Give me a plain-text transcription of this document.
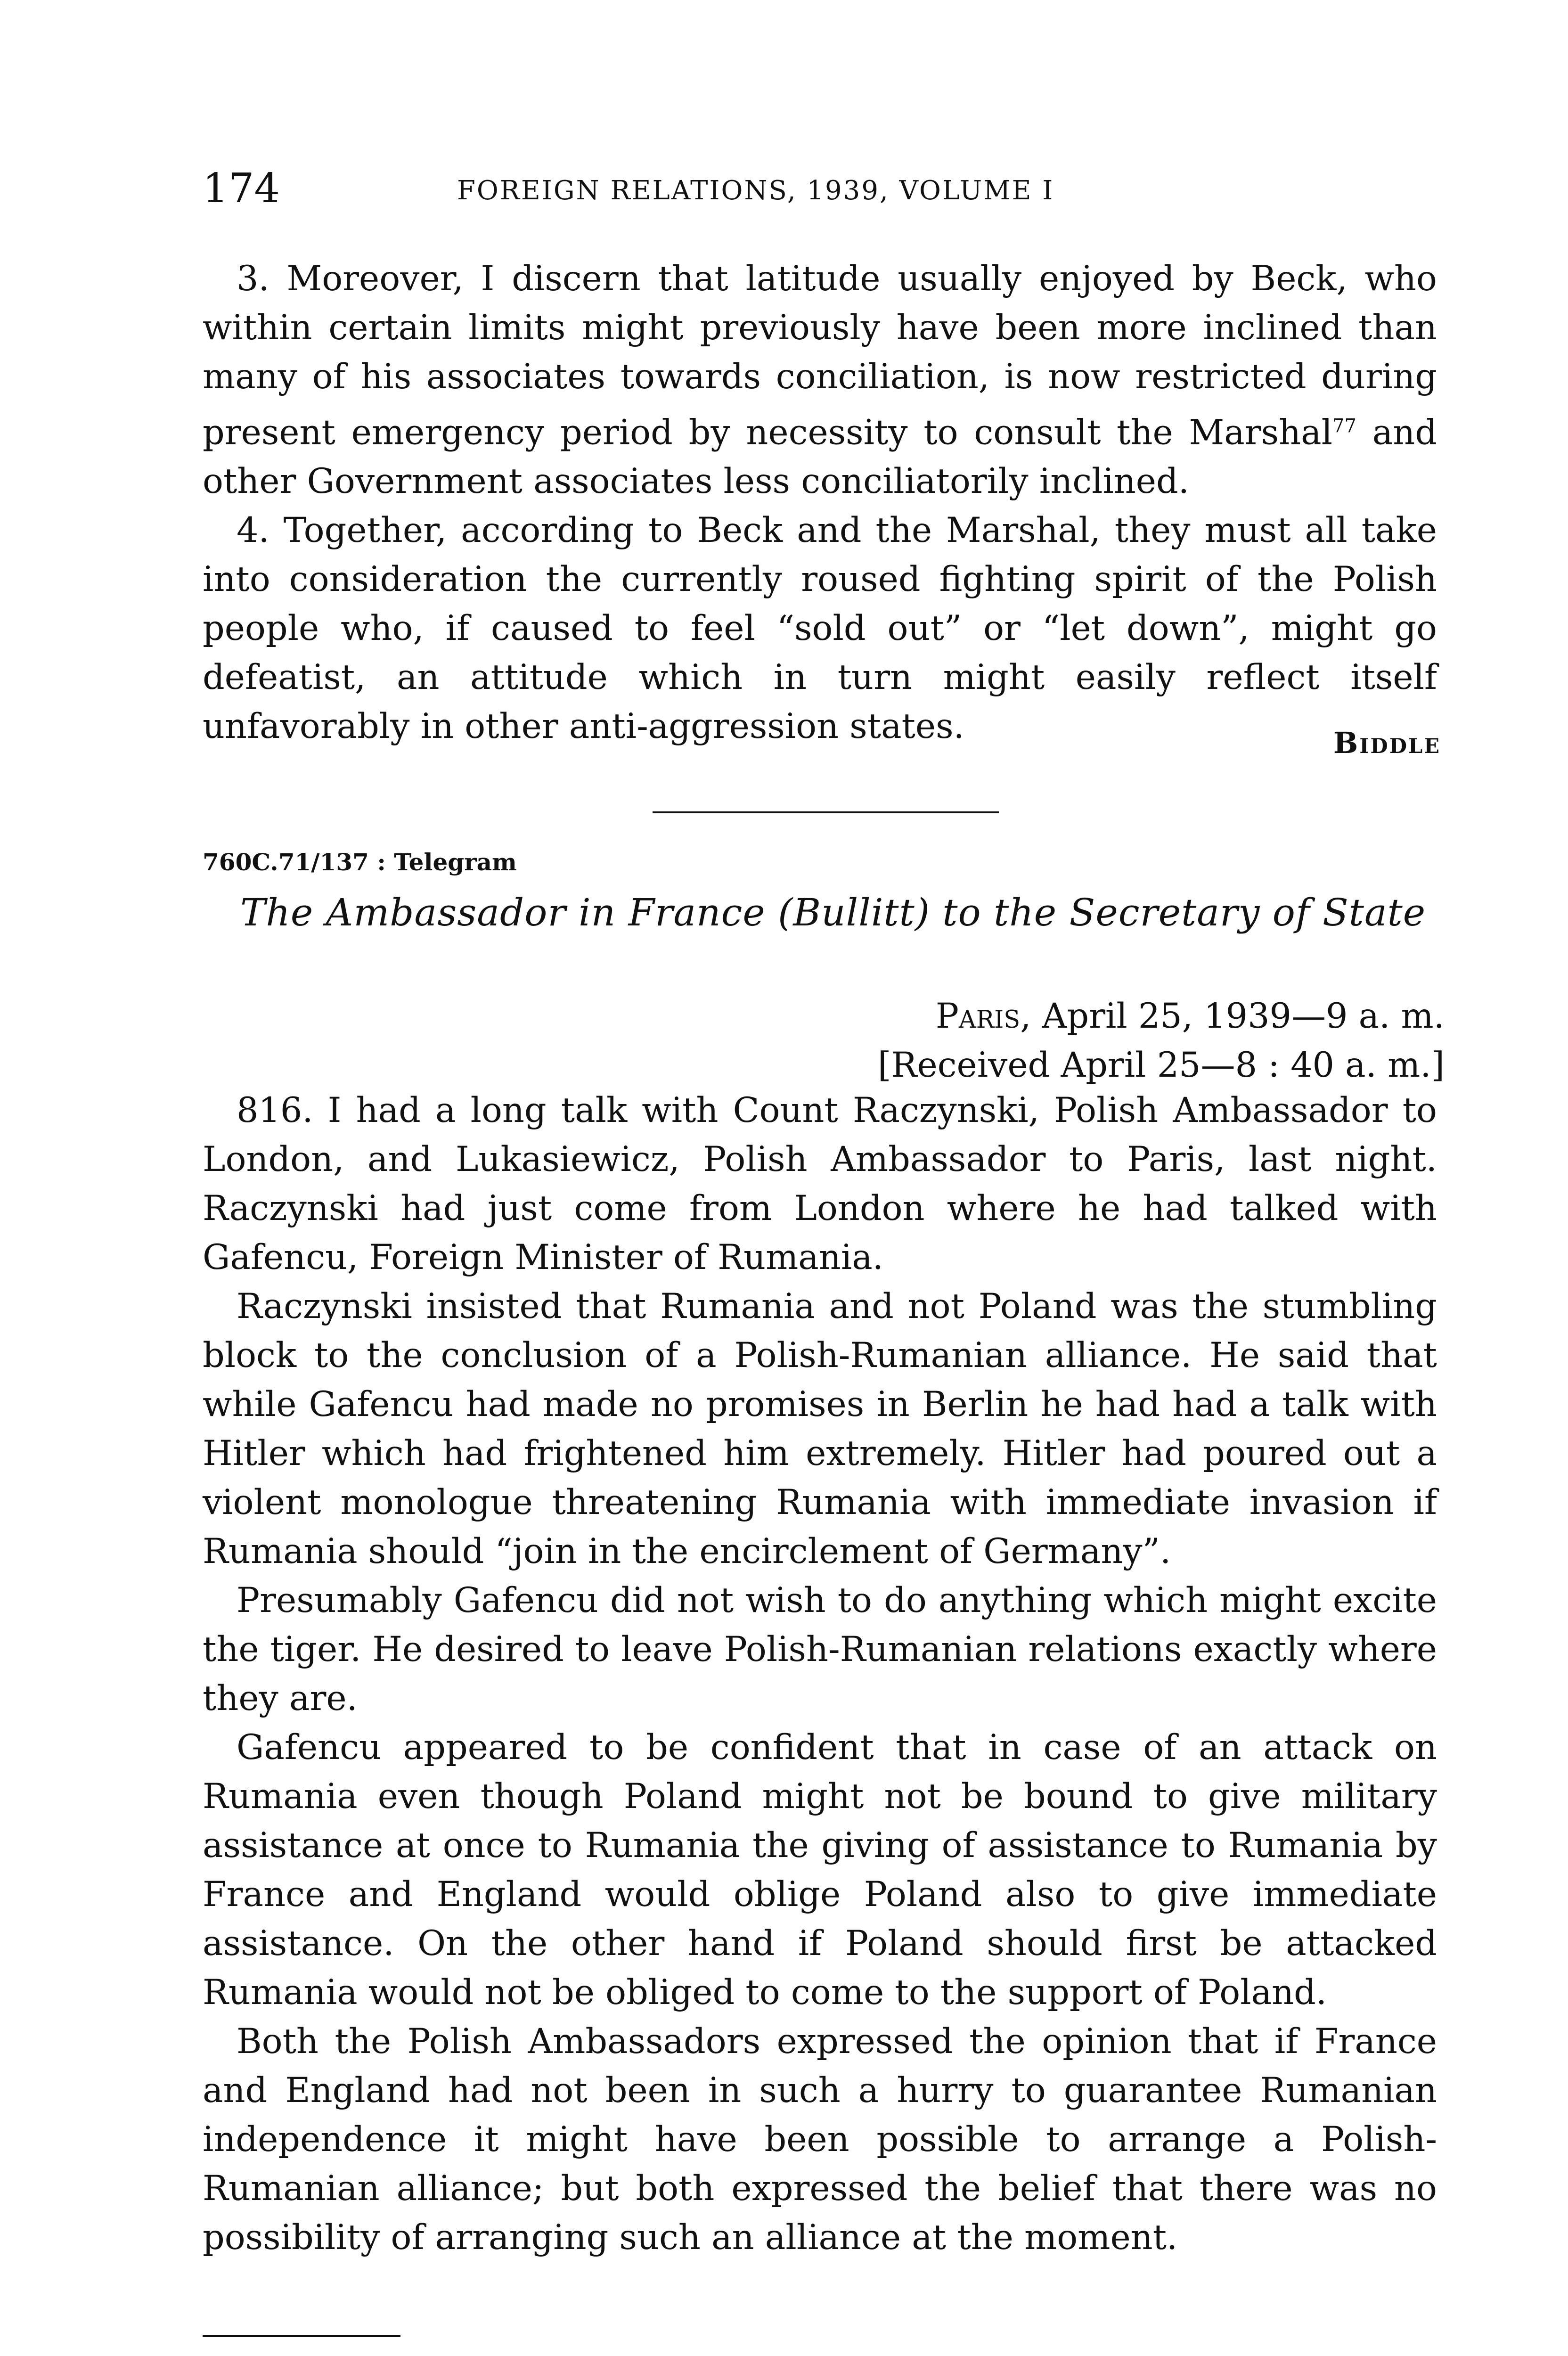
174	FOREIGN RELATIONS, 1939, VOLUME I

3. Moreover, I discern that latitude usually enjoyed by Beck, who within certain limits might previously have been more inclined than many of his associates towards conciliation, is now restricted during present emergency period by necessity to consult the Marshal$^{77}$ and other Government associates less conciliatorily inclined.

4. Together, according to Beck and the Marshal, they must all take into consideration the currently roused fighting spirit of the Polish people who, if caused to feel “sold out” or “let down”, might go defeatist, an attitude which in turn might easily reflect itself unfavorably in other anti-aggression states.	Biddle
760C.71/137 : Telegram
The Ambassador in France (Bullitt) to the Secretary of State
Paris, April 25, 1939—9 a. m.
[Received April 25—8 : 40 a. m.]

816. I had a long talk with Count Raczynski, Polish Ambassador to London, and Lukasiewicz, Polish Ambassador to Paris, last night. Raczynski had just come from London where he had talked with Gafencu, Foreign Minister of Rumania.

Raczynski insisted that Rumania and not Poland was the stumbling block to the conclusion of a Polish-Rumanian alliance. He said that while Gafencu had made no promises in Berlin he had had a talk with Hitler which had frightened him extremely. Hitler had poured out a violent monologue threatening Rumania with immediate invasion if Rumania should “join in the encirclement of Germany”.

Presumably Gafencu did not wish to do anything which might excite the tiger. He desired to leave Polish-Rumanian relations exactly where they are.

Gafencu appeared to be confident that in case of an attack on Rumania even though Poland might not be bound to give military assistance at once to Rumania the giving of assistance to Rumania by France and England would oblige Poland also to give immediate assistance. On the other hand if Poland should first be attacked Rumania would not be obliged to come to the support of Poland.

Both the Polish Ambassadors expressed the opinion that if France and England had not been in such a hurry to guarantee Rumanian independence it might have been possible to arrange a Polish-Rumanian alliance; but both expressed the belief that there was no possibility of arranging such an alliance at the moment.
